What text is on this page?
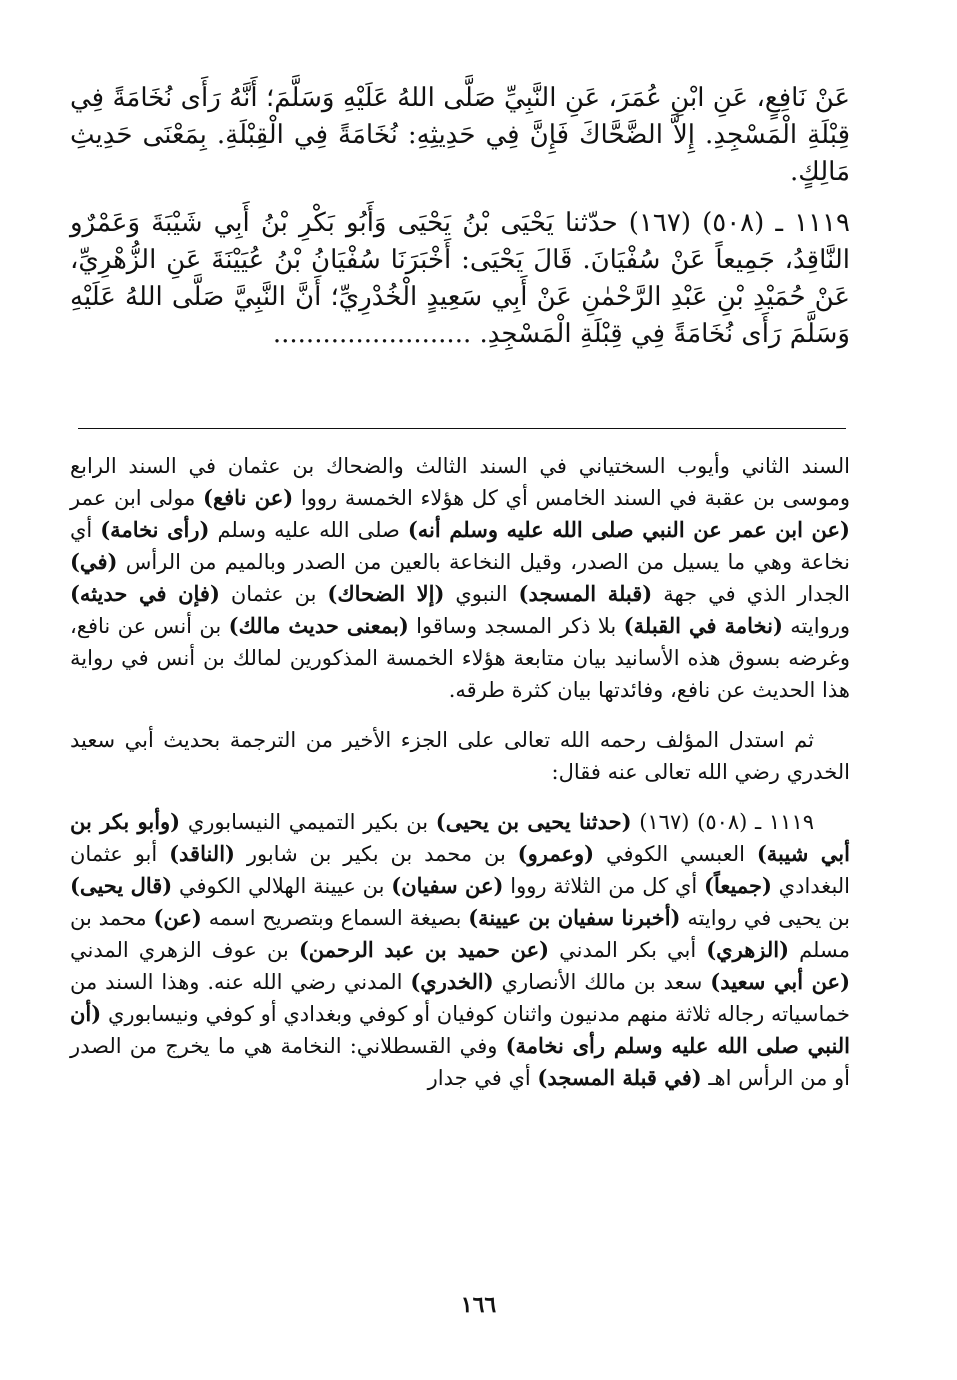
عَنْ نَافِعٍ، عَنِ ابْنِ عُمَرَ، عَنِ النَّبِيِّ صَلَّى اللهُ عَلَيْهِ وَسَلَّمَ؛ أَنَّهُ رَأَى نُخَامَةً فِي قِبْلَةِ الْمَسْجِدِ. إِلاَّ الضَّحَّاكَ فَإِنَّ فِي حَدِيثِهِ: نُخَامَةً فِي الْقِبْلَةِ. بِمَعْنَى حَدِيثِ مَالِكٍ.

١١١٩ ـ (٥٠٨) (١٦٧) حدّثنا يَحْيَى بْنُ يَحْيَى وَأَبُو بَكْرِ بْنُ أَبِي شَيْبَةَ وَعَمْرٌو النَّاقِدُ، جَمِيعاً عَنْ سُفْيَانَ. قَالَ يَحْيَى: أَخْبَرَنَا سُفْيَانُ بْنُ عُيَيْنَةَ عَنِ الزُّهْرِيِّ، عَنْ حُمَيْدِ بْنِ عَبْدِ الرَّحْمٰنِ عَنْ أَبِي سَعِيدٍ الْخُدْرِيِّ؛ أَنَّ النَّبِيَّ صَلَّى اللهُ عَلَيْهِ وَسَلَّمَ رَأَى نُخَامَةً فِي قِبْلَةِ الْمَسْجِدِ. ........................

السند الثاني وأيوب السختياني في السند الثالث والضحاك بن عثمان في السند الرابع وموسى بن عقبة في السند الخامس أي كل هؤلاء الخمسة رووا (عن نافع) مولى ابن عمر (عن ابن عمر عن النبي صلى الله عليه وسلم أنه) صلى الله عليه وسلم (رأى نخامة) أي نخاعة وهي ما يسيل من الصدر، وقيل النخاعة بالعين من الصدر وبالميم من الرأس (في) الجدار الذي في جهة (قبلة المسجد) النبوي (إلا الضحاك) بن عثمان (فإن في حديثه) وروايته (نخامة في القبلة) بلا ذكر المسجد وساقوا (بمعنى حديث مالك) بن أنس عن نافع، وغرضه بسوق هذه الأسانيد بيان متابعة هؤلاء الخمسة المذكورين لمالك بن أنس في رواية هذا الحديث عن نافع، وفائدتها بيان كثرة طرقه.

ثم استدل المؤلف رحمه الله تعالى على الجزء الأخير من الترجمة بحديث أبي سعيد الخدري رضي الله تعالى عنه فقال:

١١١٩ ـ (٥٠٨) (١٦٧) (حدثنا يحيى بن يحيى) بن بكير التميمي النيسابوري (وأبو بكر بن أبي شيبة) العبسي الكوفي (وعمرو) بن محمد بن بكير بن شابور (الناقد) أبو عثمان البغدادي (جميعاً) أي كل من الثلاثة رووا (عن سفيان) بن عيينة الهلالي الكوفي (قال يحيى) بن يحيى في روايته (أخبرنا سفيان بن عيينة) بصيغة السماع وبتصريح اسمه (عن) محمد بن مسلم (الزهري) أبي بكر المدني (عن حميد بن عبد الرحمن) بن عوف الزهري المدني (عن أبي سعيد) سعد بن مالك الأنصاري (الخدري) المدني رضي الله عنه. وهذا السند من خماسياته رجاله ثلاثة منهم مدنيون واثنان كوفيان أو كوفي وبغدادي أو كوفي ونيسابوري (أن النبي صلى الله عليه وسلم رأى نخامة) وفي القسطلاني: النخامة هي ما يخرج من الصدر أو من الرأس اهـ (في قبلة المسجد) أي في جدار

١٦٦
